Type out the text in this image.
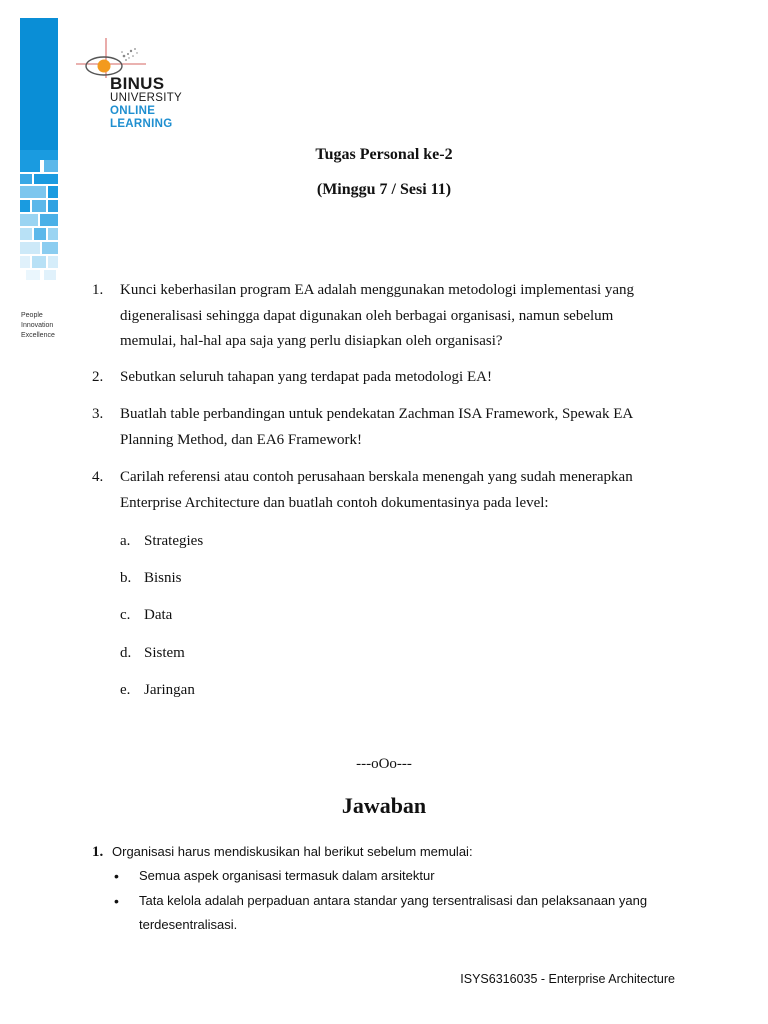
People
Innovation
Excellence
BINUS
UNIVERSITY
ONLINE
LEARNING
Tugas Personal ke-2
(Minggu 7 / Sesi 11)
1. Kunci keberhasilan program EA adalah menggunakan metodologi implementasi yang digeneralisasi sehingga dapat digunakan oleh berbagai organisasi, namun sebelum memulai, hal-hal apa saja yang perlu disiapkan oleh organisasi?
2. Sebutkan seluruh tahapan yang terdapat pada metodologi EA!
3. Buatlah table perbandingan untuk pendekatan Zachman ISA Framework, Spewak EA Planning Method, dan EA6 Framework!
4. Carilah referensi atau contoh perusahaan berskala menengah yang sudah menerapkan Enterprise Architecture dan buatlah contoh dokumentasinya pada level:
a. Strategies
b. Bisnis
c. Data
d. Sistem
e. Jaringan
---oOo---
Jawaban
1. Organisasi harus mendiskusikan hal berikut sebelum memulai:
• Semua aspek organisasi termasuk dalam arsitektur
• Tata kelola adalah perpaduan antara standar yang tersentralisasi dan pelaksanaan yang terdesentralisasi.
ISYS6316035 - Enterprise Architecture
